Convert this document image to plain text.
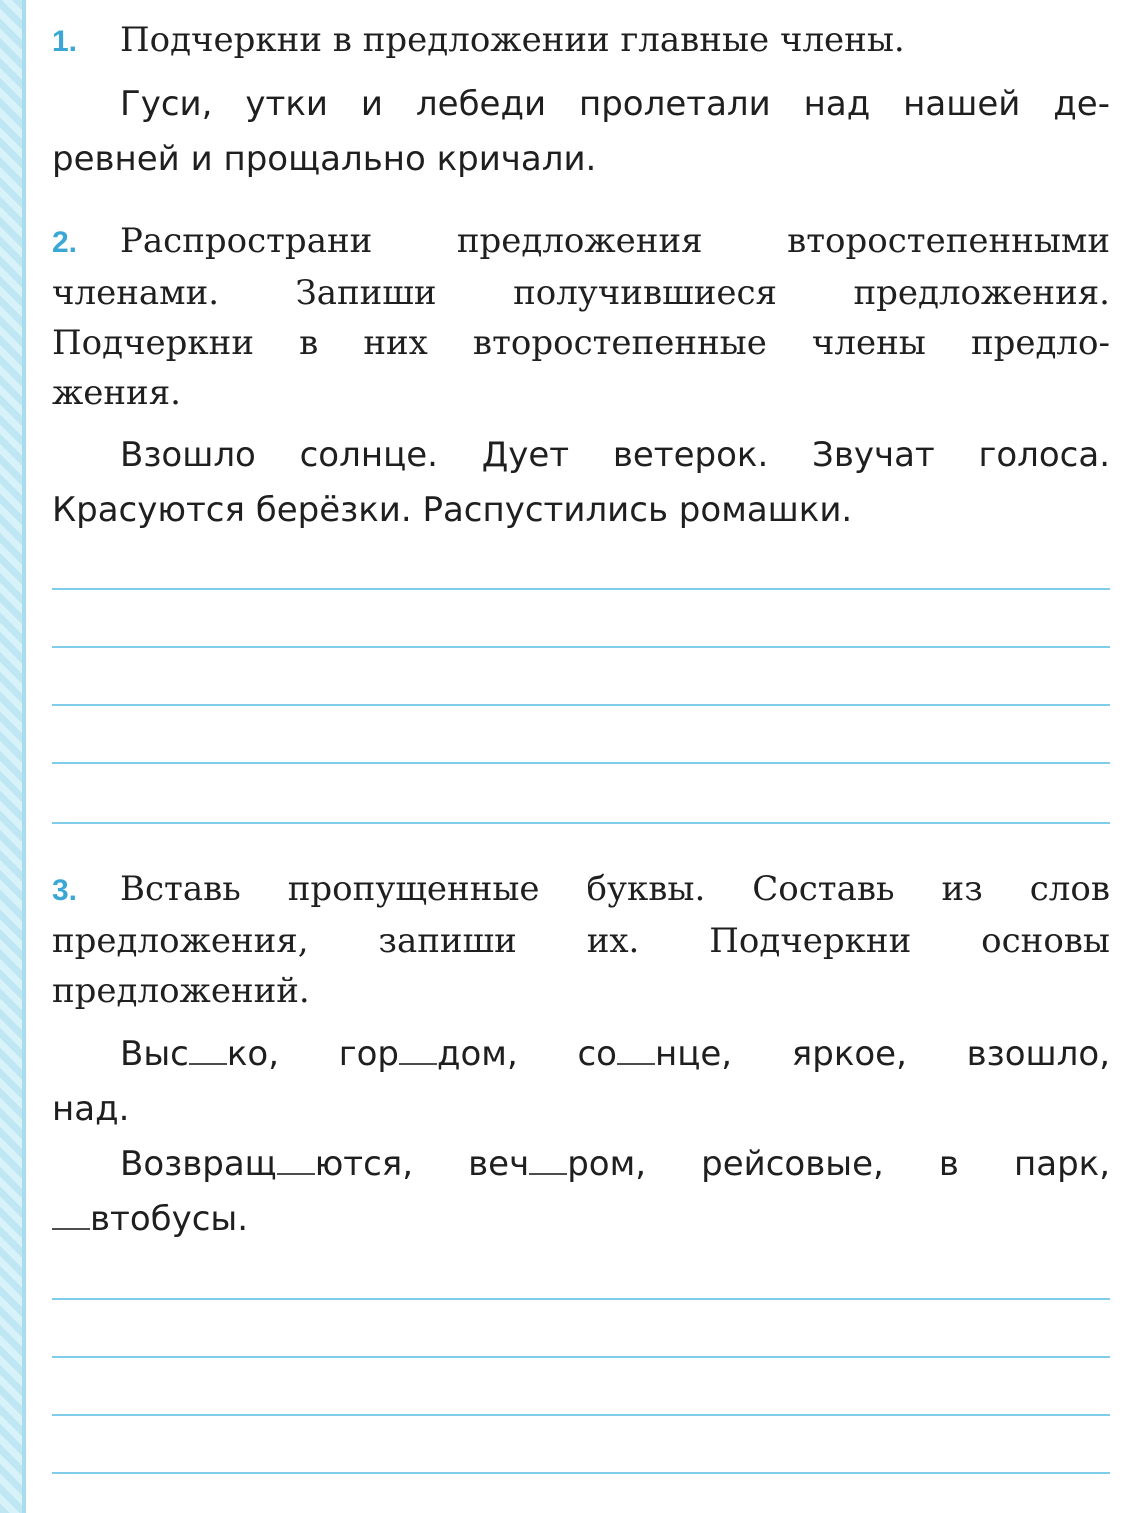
1. Подчеркни в предложении главные члены.

Гуси, утки и лебеди пролетали над нашей де-

ревней и прощально кричали.

2. Распространи предложения второстепенными

членами. Запиши получившиеся предложения.

Подчеркни в них второстепенные члены предло-

жения.

Взошло солнце. Дует ветерок. Звучат голоса.

Красуются берёзки. Распустились ромашки.

3. Вставь пропущенные буквы. Составь из слов

предложения, запиши их. Подчеркни основы

предложений.

Выс ко, гор дом, со нце, яркое, взошло,

над.

Возвращ ются, веч ром, рейсовые, в парк,

втобусы.
